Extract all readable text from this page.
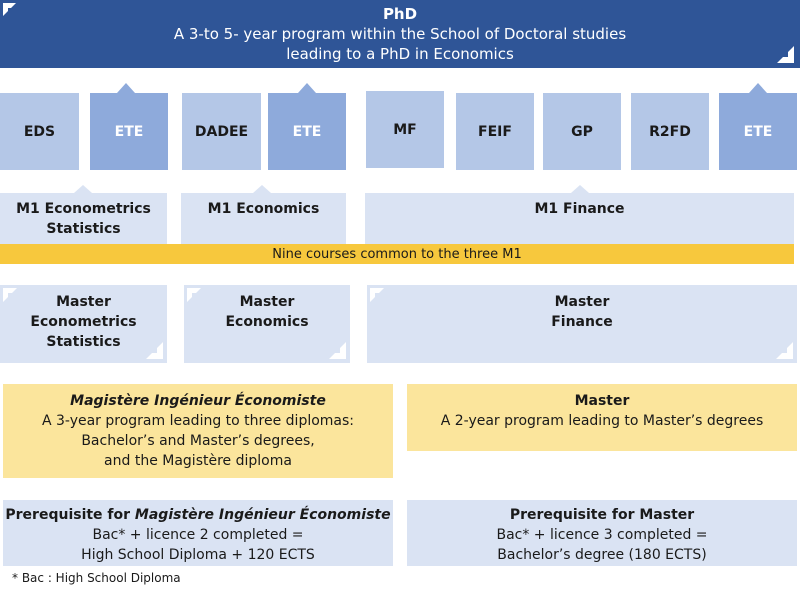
PhD
A 3-to 5- year program within the School of Doctoral studies
leading to a PhD in Economics
EDS	ETE	DADEE	ETE	MF	FEIF	GP	R2FD	ETE
M1 Econometrics
Statistics
M1 Economics	M1 Finance
Nine courses common to the three M1
Master
Econometrics
Statistics
Master
Economics
Master
Finance
Magistère Ingénieur Économiste
A 3-year program leading to three diplomas:
Bachelor’s and Master’s degrees,
and the Magistère diploma
Master
A 2-year program leading to Master’s degrees
Prerequisite for Magistère Ingénieur Économiste
Bac* + licence 2 completed =
High School Diploma + 120 ECTS
Prerequisite for Master
Bac* + licence 3 completed =
Bachelor’s degree (180 ECTS)
* Bac : High School Diploma
